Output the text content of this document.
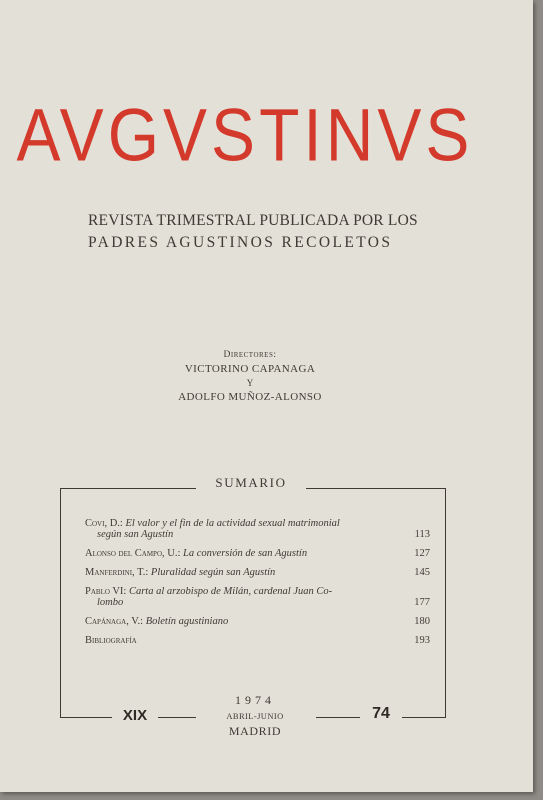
AVGVSTINVS
REVISTA TRIMESTRAL PUBLICADA POR LOS
PADRES AGUSTINOS RECOLETOS
Directores:
VICTORINO CAPANAGA
Y
ADOLFO MUÑOZ-ALONSO
SUMARIO
Covi, D.: El valor y el fin de la actividad sexual matrimonial
según san Agustín	113
Alonso del Campo, U.: La conversión de san Agustín	127
Manferdini, T.: Pluralidad según san Agustín	145
Pablo VI: Carta al arzobispo de Milán, cardenal Juan Co-
lombo	177
Capánaga, V.: Boletín agustiniano	180
Bibliografía	193
XIX
1974
ABRIL-JUNIO
MADRID
74
